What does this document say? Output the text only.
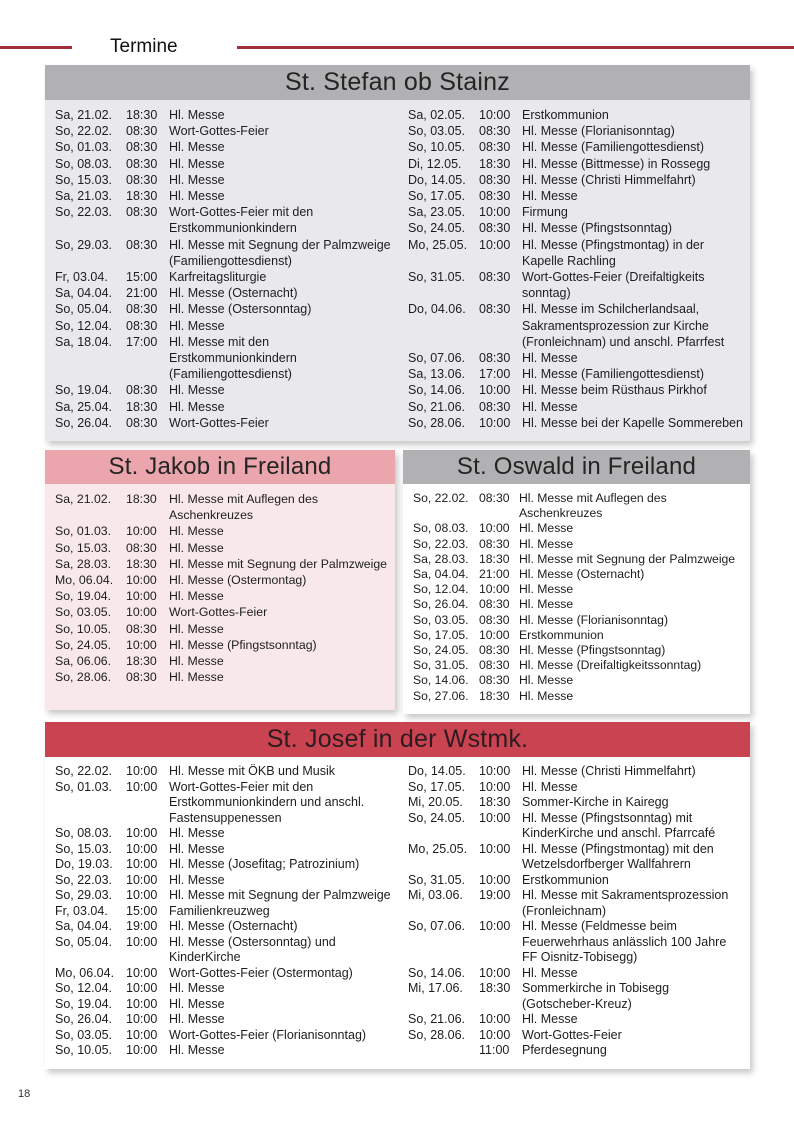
Termine
St. Stefan ob Stainz
Sa, 21.02.	18:30 Hl. Messe
So, 22.02.	08:30 Wort-Gottes-Feier
So, 01.03.	08:30 Hl. Messe
So, 08.03.	08:30 Hl. Messe
So, 15.03.	08:30 Hl. Messe
Sa, 21.03.	18:30 Hl. Messe
So, 22.03.	08:30 Wort-Gottes-Feier mit den Erstkommunionkindern
So, 29.03.	08:30 Hl. Messe mit Segnung der Palmzweige (Familiengottesdienst)
Fr, 03.04.	15:00 Karfreitagsliturgie
Sa, 04.04.	21:00 Hl. Messe (Osternacht)
So, 05.04.	08:30 Hl. Messe (Ostersonntag)
So, 12.04.	08:30 Hl. Messe
Sa, 18.04.	17:00 Hl. Messe mit den Erstkommunionkindern (Familiengottesdienst)
So, 19.04.	08:30 Hl. Messe
Sa, 25.04.	18:30 Hl. Messe
So, 26.04.	08:30 Wort-Gottes-Feier
Sa, 02.05.	10:00 Erstkommunion
So, 03.05.	08:30 Hl. Messe (Florianisonntag)
So, 10.05.	08:30 Hl. Messe (Familiengottesdienst)
Di, 12.05.	18:30 Hl. Messe (Bittmesse) in Rossegg
Do, 14.05.	08:30 Hl. Messe (Christi Himmelfahrt)
So, 17.05.	08:30 Hl. Messe
Sa, 23.05.	10:00 Firmung
So, 24.05.	08:30 Hl. Messe (Pfingstsonntag)
Mo, 25.05. 10:00 Hl. Messe (Pfingstmontag) in der Kapelle Rachling
So, 31.05.	08:30 Wort-Gottes-Feier (Dreifaltigkeits sonntag)
Do, 04.06.	08:30 Hl. Messe im Schilcherlandsaal, Sakramentsprozession zur Kirche (Fronleichnam) und anschl. Pfarrfest
So, 07.06.	08:30 Hl. Messe
Sa, 13.06.	17:00 Hl. Messe (Familiengottesdienst)
So, 14.06.	10:00 Hl. Messe beim Rüsthaus Pirkhof
So, 21.06.	08:30 Hl. Messe
So, 28.06.	10:00 Hl. Messe bei der Kapelle Sommereben
St. Jakob in Freiland
Sa, 21.02.	18:30 Hl. Messe mit Auflegen des Aschenkreuzes
So, 01.03.	10:00 Hl. Messe
So, 15.03.	08:30 Hl. Messe
Sa, 28.03.	18:30 Hl. Messe mit Segnung der Palmzweige
Mo, 06.04.	10:00 Hl. Messe (Ostermontag)
So, 19.04.	10:00 Hl. Messe
So, 03.05.	10:00 Wort-Gottes-Feier
So, 10.05.	08:30 Hl. Messe
So, 24.05.	10:00 Hl. Messe (Pfingstsonntag)
Sa, 06.06.	18:30 Hl. Messe
So, 28.06.	08:30 Hl. Messe
St. Oswald in Freiland
So, 22.02. 08:30 Hl. Messe mit Auflegen des Aschenkreuzes
So, 08.03. 10:00 Hl. Messe
So, 22.03. 08:30 Hl. Messe
Sa, 28.03. 18:30 Hl. Messe mit Segnung der Palmzweige
Sa, 04.04. 21:00 Hl. Messe (Osternacht)
So, 12.04. 10:00 Hl. Messe
So, 26.04. 08:30 Hl. Messe
So, 03.05. 08:30 Hl. Messe (Florianisonntag)
So, 17.05. 10:00 Erstkommunion
So, 24.05. 08:30 Hl. Messe (Pfingstsonntag)
So, 31.05. 08:30 Hl. Messe (Dreifaltigkeitssonntag)
So, 14.06. 08:30 Hl. Messe
So, 27.06. 18:30 Hl. Messe
St. Josef in der Wstmk.
So, 22.02.	10:00 Hl. Messe mit ÖKB und Musik
So, 01.03.	10:00 Wort-Gottes-Feier mit den Erstkommunionkindern und anschl. Fastensuppenessen
So, 08.03.	10:00 Hl. Messe
So, 15.03.	10:00 Hl. Messe
Do, 19.03.	10:00 Hl. Messe (Josefitag; Patrozinium)
So, 22.03.	10:00 Hl. Messe
So, 29.03.	10:00 Hl. Messe mit Segnung der Palmzweige
Fr, 03.04.	15:00 Familienkreuzweg
Sa, 04.04.	19:00 Hl. Messe (Osternacht)
So, 05.04.	10:00 Hl. Messe (Ostersonntag) und KinderKirche
Mo, 06.04. 10:00 Wort-Gottes-Feier (Ostermontag)
So, 12.04.	10:00 Hl. Messe
So, 19.04.	10:00 Hl. Messe
So, 26.04.	10:00 Hl. Messe
So, 03.05.	10:00 Wort-Gottes-Feier (Florianisonntag)
So, 10.05.	10:00 Hl. Messe
Do, 14.05.	10:00 Hl. Messe (Christi Himmelfahrt)
So, 17.05.	10:00 Hl. Messe
Mi, 20.05.	18:30 Sommer-Kirche in Kairegg
So, 24.05.	10:00 Hl. Messe (Pfingstsonntag) mit KinderKirche und anschl. Pfarrcafé
Mo, 25.05. 10:00 Hl. Messe (Pfingstmontag) mit den Wetzelsdorfberger Wallfahrern
So, 31.05.	10:00 Erstkommunion
Mi, 03.06.	19:00 Hl. Messe mit Sakramentsprozession (Fronleichnam)
So, 07.06.	10:00 Hl. Messe (Feldmesse beim Feuerwehrhaus anlässlich 100 Jahre FF Oisnitz-Tobisegg)
So, 14.06.	10:00 Hl. Messe
Mi, 17.06.	18:30 Sommerkirche in Tobisegg (Gotscheber-Kreuz)
So, 21.06.	10:00 Hl. Messe
So, 28.06.	10:00 Wort-Gottes-Feier
11:00	Pferdesegnung
18
